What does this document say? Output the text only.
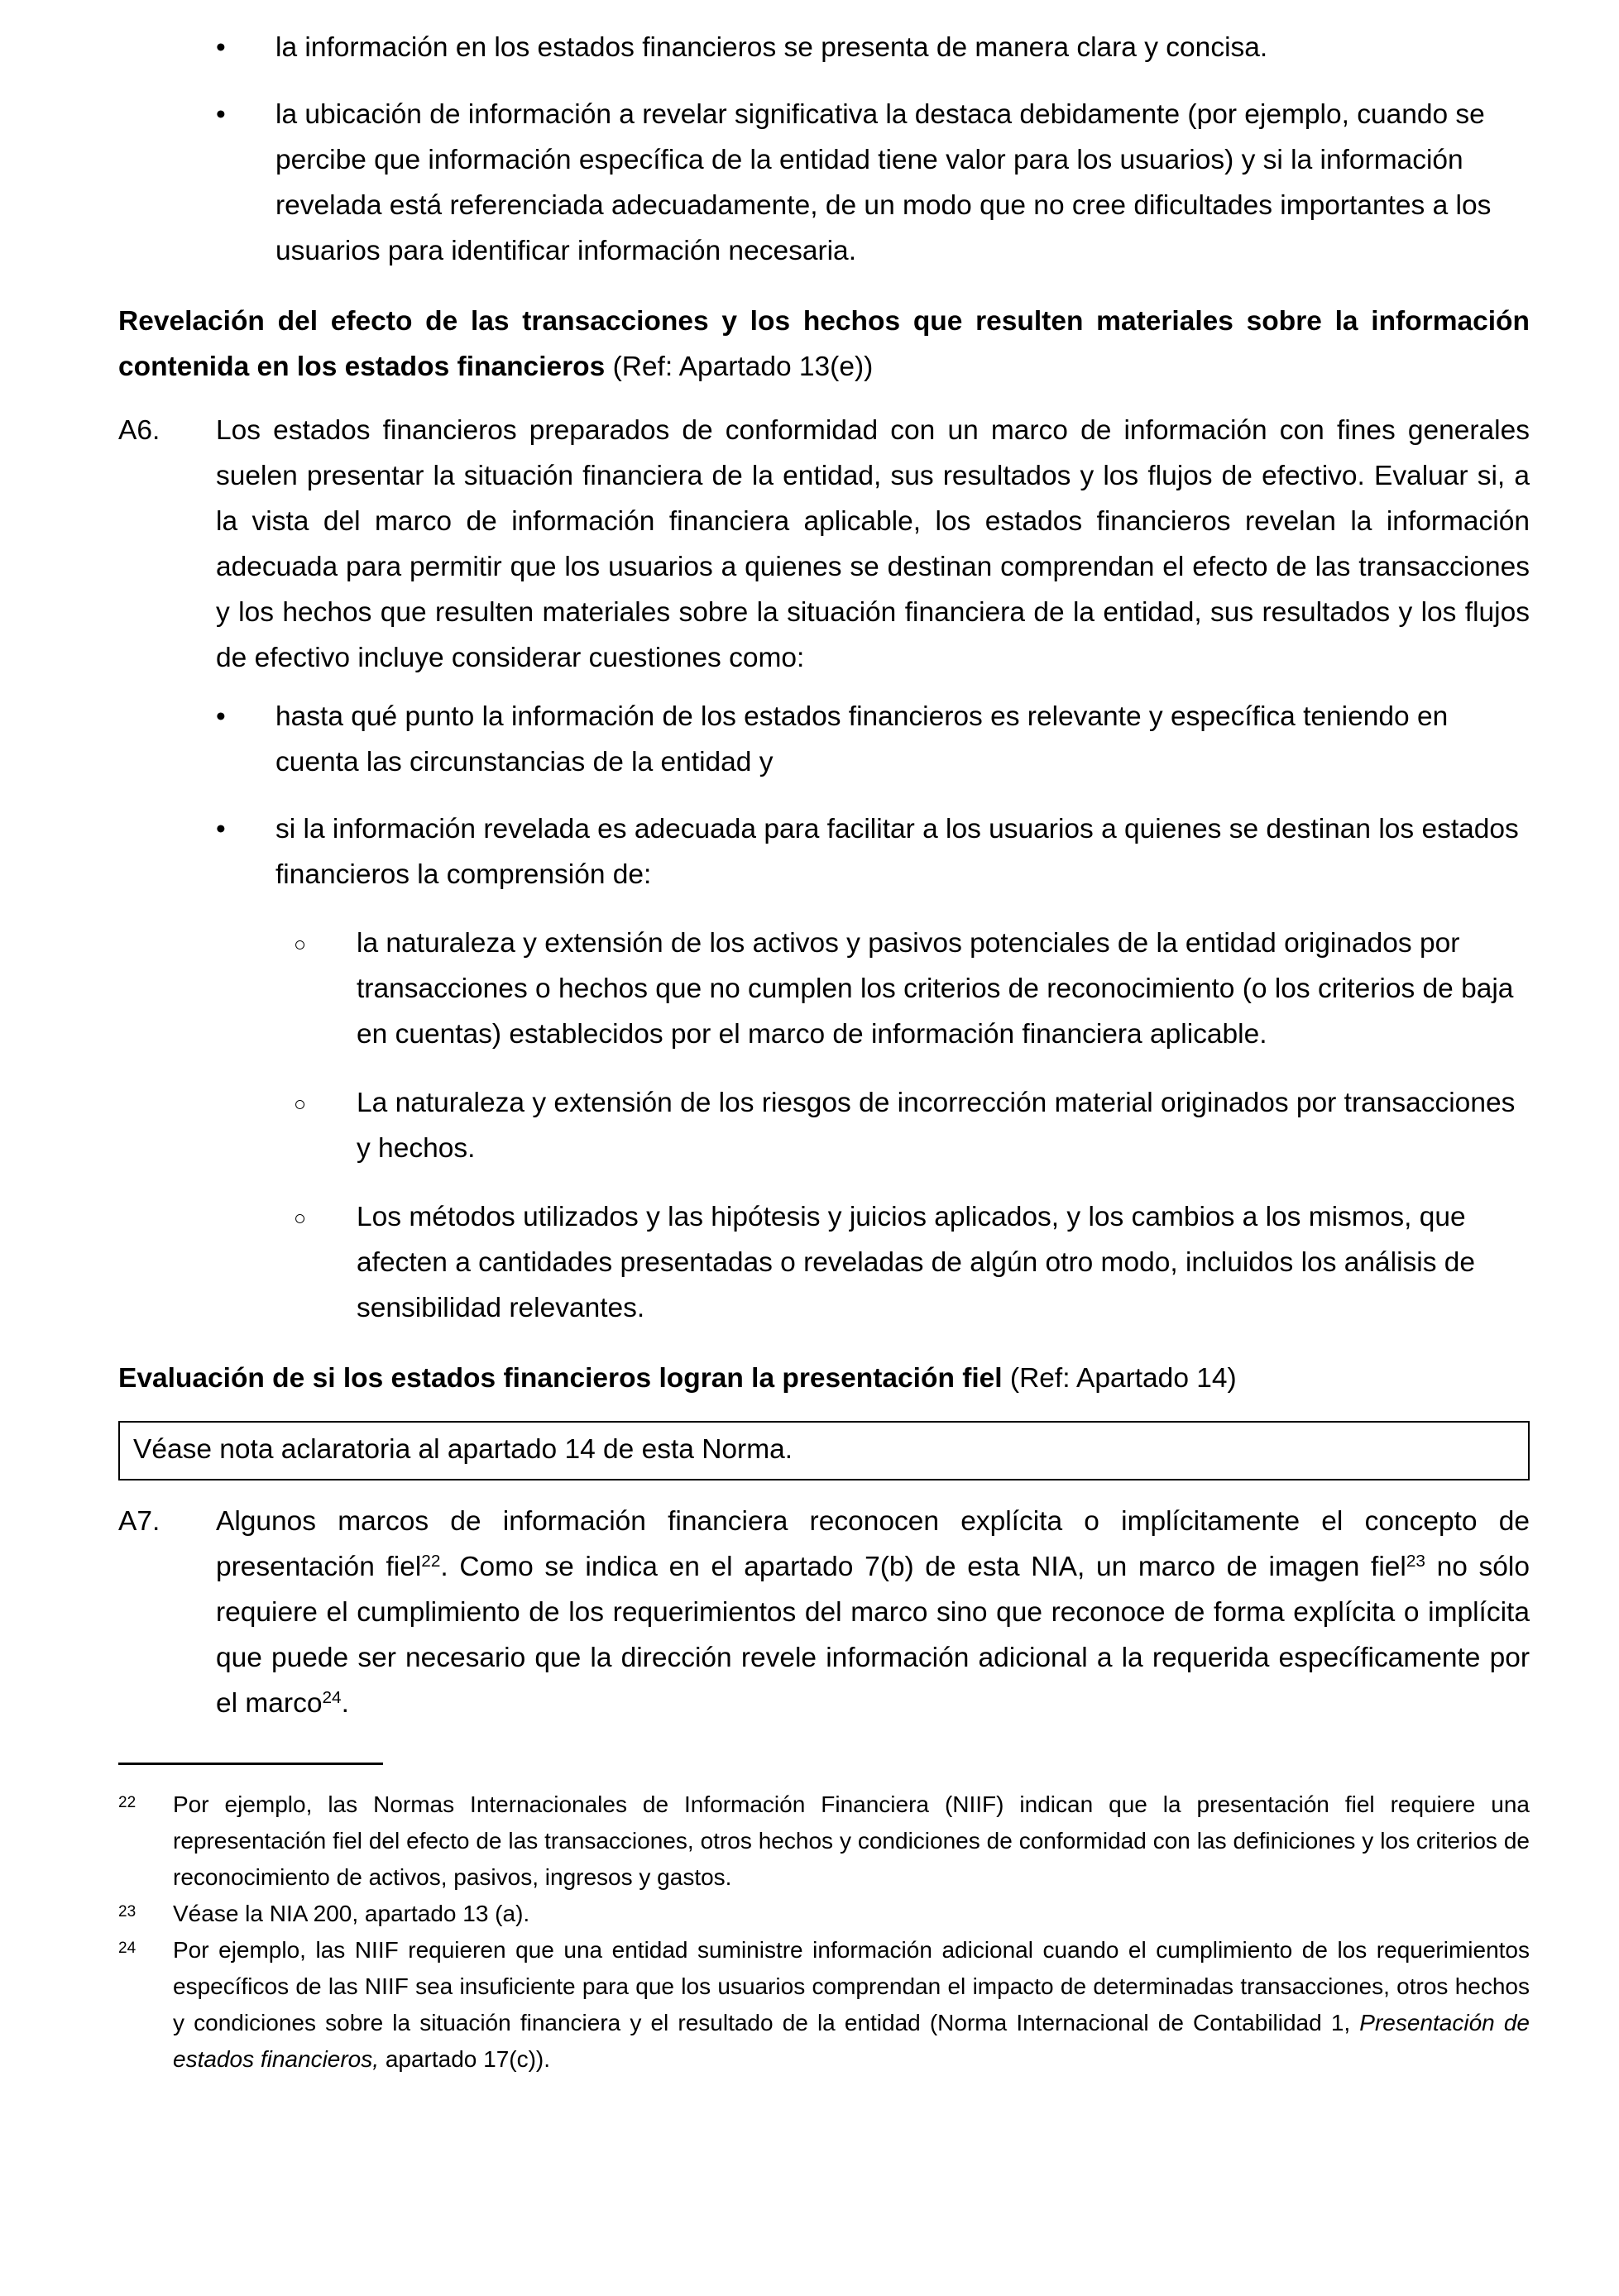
• la información en los estados financieros se presenta de manera clara y concisa.
• la ubicación de información a revelar significativa la destaca debidamente (por ejemplo, cuando se percibe que información específica de la entidad tiene valor para los usuarios) y si la información revelada está referenciada adecuadamente, de un modo que no cree dificultades importantes a los usuarios para identificar información necesaria.

Revelación del efecto de las transacciones y los hechos que resulten materiales sobre la información contenida en los estados financieros (Ref: Apartado 13(e))

A6.	Los estados financieros preparados de conformidad con un marco de información con fines generales suelen presentar la situación financiera de la entidad, sus resultados y los flujos de efectivo. Evaluar si, a la vista del marco de información financiera aplicable, los estados financieros revelan la información adecuada para permitir que los usuarios a quienes se destinan comprendan el efecto de las transacciones y los hechos que resulten materiales sobre la situación financiera de la entidad, sus resultados y los flujos de efectivo incluye considerar cuestiones como:
• hasta qué punto la información de los estados financieros es relevante y específica teniendo en cuenta las circunstancias de la entidad y
• si la información revelada es adecuada para facilitar a los usuarios a quienes se destinan los estados financieros la comprensión de:
○ la naturaleza y extensión de los activos y pasivos potenciales de la entidad originados por transacciones o hechos que no cumplen los criterios de reconocimiento (o los criterios de baja en cuentas) establecidos por el marco de información financiera aplicable.
○ La naturaleza y extensión de los riesgos de incorrección material originados por transacciones y hechos.
○ Los métodos utilizados y las hipótesis y juicios aplicados, y los cambios a los mismos, que afecten a cantidades presentadas o reveladas de algún otro modo, incluidos los análisis de sensibilidad relevantes.

Evaluación de si los estados financieros logran la presentación fiel (Ref: Apartado 14)

Véase nota aclaratoria al apartado 14 de esta Norma.
A7.	Algunos marcos de información financiera reconocen explícita o implícitamente el concepto de presentación fiel$^{22}$. Como se indica en el apartado 7(b) de esta NIA, un marco de imagen fiel$^{23}$ no sólo requiere el cumplimiento de los requerimientos del marco sino que reconoce de forma explícita o implícita que puede ser necesario que la dirección revele información adicional a la requerida específicamente por el marco$^{24}$.

22 Por ejemplo, las Normas Internacionales de Información Financiera (NIIF) indican que la presentación fiel requiere una representación fiel del efecto de las transacciones, otros hechos y condiciones de conformidad con las definiciones y los criterios de reconocimiento de activos, pasivos, ingresos y gastos.

23 Véase la NIA 200, apartado 13 (a).

24 Por ejemplo, las NIIF requieren que una entidad suministre información adicional cuando el cumplimiento de los requerimientos específicos de las NIIF sea insuficiente para que los usuarios comprendan el impacto de determinadas transacciones, otros hechos y condiciones sobre la situación financiera y el resultado de la entidad (Norma Internacional de Contabilidad 1, Presentación de estados financieros, apartado 17(c)).
